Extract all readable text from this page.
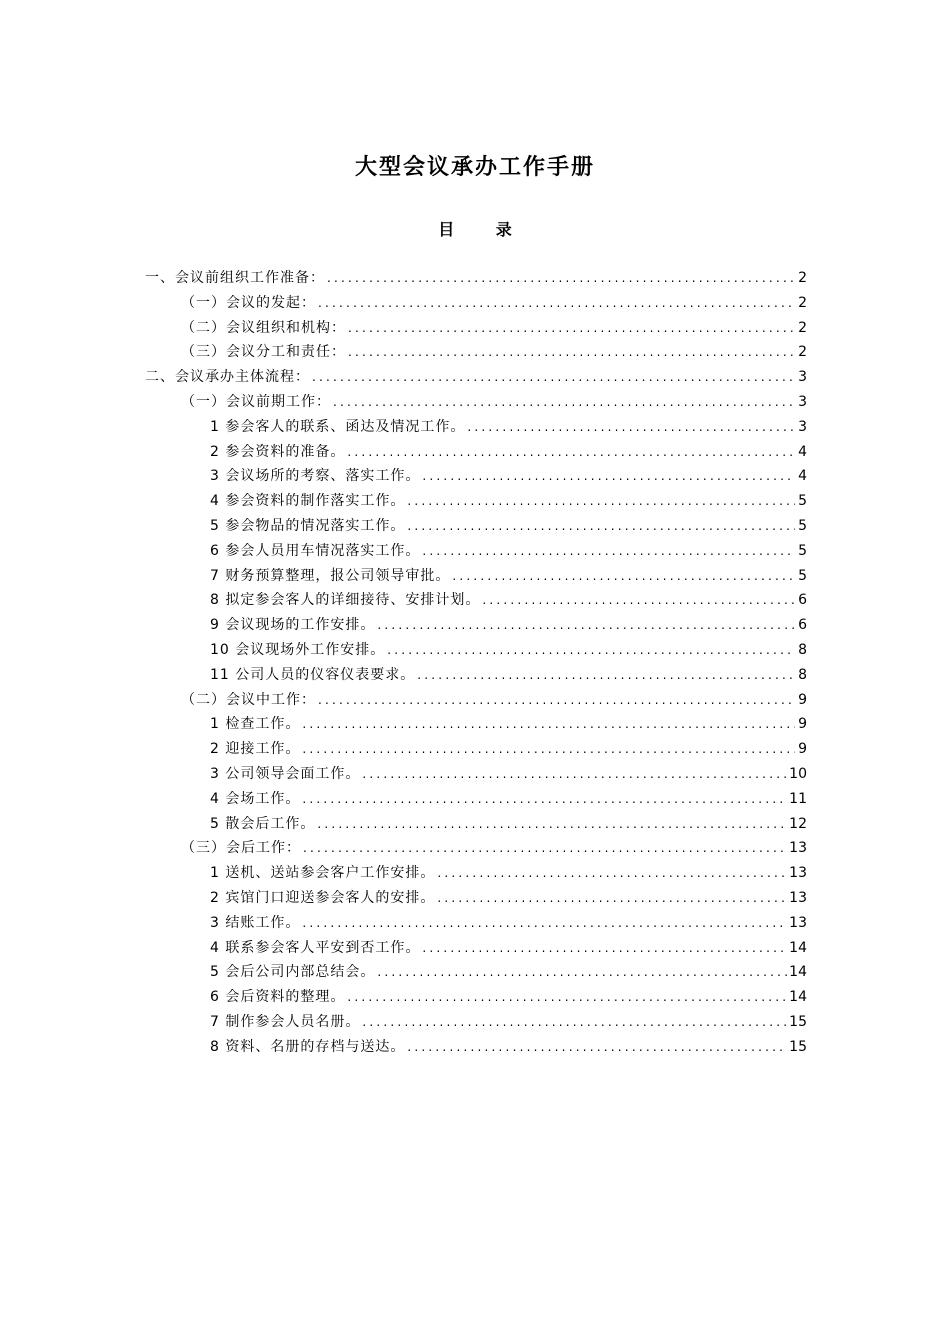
大型会议承办工作手册
目 录
一、会议前组织工作准备： .....	2
（一）会议的发起： .....	2
（二）会议组织和机构： .....	2
（三）会议分工和责任： .....	2
二、会议承办主体流程： .....	3
（一）会议前期工作： .....	3
1 参会客人的联系、函达及情况工作。 .....	3
2 参会资料的准备。 .....	4
3 会议场所的考察、落实工作。 .....	4
4 参会资料的制作落实工作。 .....	5
5 参会物品的情况落实工作。 .....	5
6 参会人员用车情况落实工作。 .....	5
7 财务预算整理，报公司领导审批。 .....	5
8 拟定参会客人的详细接待、安排计划。 .....	6
9 会议现场的工作安排。 .....	6
10 会议现场外工作安排。 .....	8
11 公司人员的仪容仪表要求。 .....	8
（二）会议中工作： .....	9
1 检查工作。 .....	9
2 迎接工作。 .....	9
3 公司领导会面工作。 .....	10
4 会场工作。 .....	11
5 散会后工作。 .....	12
（三）会后工作： .....	13
1 送机、送站参会客户工作安排。 .....	13
2 宾馆门口迎送参会客人的安排。 .....	13
3 结账工作。 .....	13
4 联系参会客人平安到否工作。 .....	14
5 会后公司内部总结会。 .....	14
6 会后资料的整理。 .....	14
7 制作参会人员名册。 .....	15
8 资料、名册的存档与送达。 .....	15
